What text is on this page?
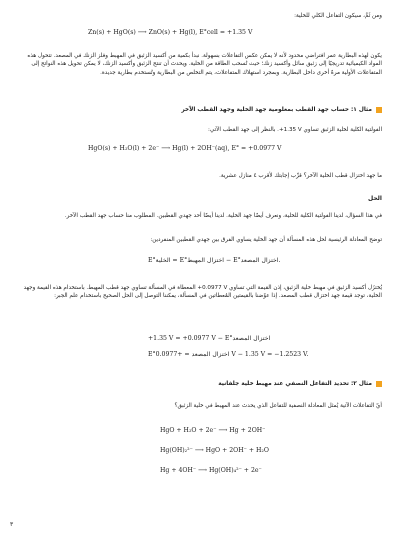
ومن ثَمَّ، سيكون التفاعل الكلي للخلية:

Zn(s) + HgO(s) ⟶ ZnO(s) + Hg(l), E°cell = +1.35 V

يكون لهذه البطارية عمر افتراضي محدود لأنه لا يمكن عكس التفاعلات بسهولة. نبدأ بكمية من أكسيد الزئبق في المهبط وفلز الزنك في المصعد. تتحول هذه المواد الكيميائية تدريجيًا إلى زئبق سائل وأكسيد زنك؛ حيث تُسحب الطاقة من الخلية. ويحدث أن تنتج الزئبق وأكسيد الزنك، لا يمكن تحويل هذه النواتج إلى المتفاعلات الأولية مرةً أخرى داخل البطارية. وبمجرد استهلاك المتفاعلات، يتم التخلص من البطارية وتُستخدم بطارية جديدة.

مثال ١: حساب جهد القطب بمعلومية جهد الخلية وجهد القطب الآخر

الفولتية الكلية لخلية الزئبق تساوي ‎+1.35 V‎. بالنظر إلى جهد القطب الآتي:

HgO(s) + H₂O(l) + 2e⁻ ⟶ Hg(l) + 2OH⁻(aq), E° = +0.0977 V

ما جهد اختزال قطب الخلية الآخر؟ قرِّب إجابتك لأقرب ٤ منازل عشرية.

الحل

في هذا السؤال، لدينا الفولتية الكلية للخلية، ونعرف أيضًا جهد الخلية. لدينا أيضًا أحد جهدي القطبين. المطلوب منا حساب جهد القطب الآخر.

توضح المعادلة الرئيسية لحل هذه المسألة أن جهد الخلية يساوي الفرق بين جهدي القطبين المنفردين:

E°الخلية = E°اختزال المهبط − E°اختزال المصعد.

يُختزَل أكسيد الزئبق في مهبط خلية الزئبق، إذن القيمة التي تساوي ‎+0.0977 V‎ المعطاة في المسألة تساوي جهد قطب المهبط. باستخدام هذه القيمة وجهد الخلية، توجد قيمة جهد اختزال قطب المصعد. إذا عوّضنا بالقيمتين المُعطاتين في المسألة، يمكننا التوصل إلى الحل الصحيح باستخدام علم الجبر:

+1.35 V = +0.0977 V − E°اختزال المصعد
E°اختزال المصعد = +0.0977 V − 1.35 V = −1.2523 V.
مثال ٢: تحديد التفاعل النصفي عند مهبط خلية جلفانية

أيّ التفاعلات الآتية يُمثل المعادلة النصفية للتفاعل الذي يحدث عند المهبط في خلية الزئبق؟

HgO + H₂O + 2e⁻ ⟶ Hg + 2OH⁻
Hg(OH)₂²⁻ ⟶ HgO + 2OH⁻ + H₂O
Hg + 4OH⁻ ⟶ Hg(OH)₄²⁻ + 2e⁻
٣
